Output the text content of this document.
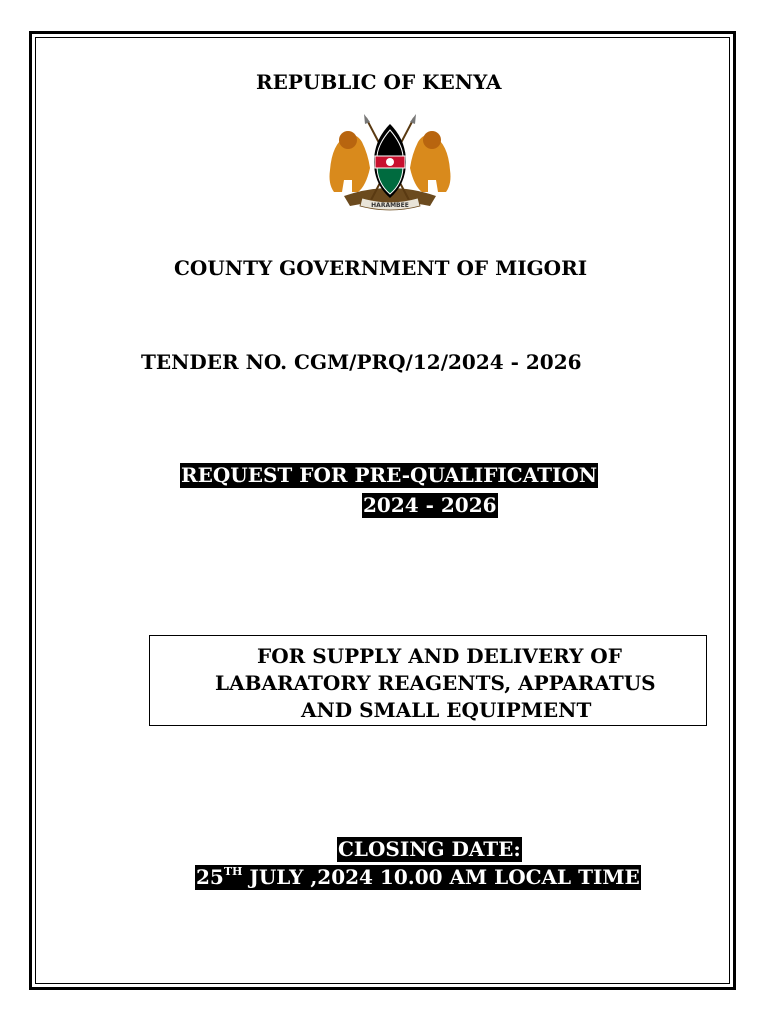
REPUBLIC OF KENYA
HARAMBEE
COUNTY GOVERNMENT OF MIGORI
TENDER NO. CGM/PRQ/12/2024 - 2026
REQUEST FOR PRE-QUALIFICATION
2024 - 2026
FOR SUPPLY AND DELIVERY OF
LABARATORY REAGENTS, APPARATUS
AND SMALL EQUIPMENT
CLOSING DATE:
25TH JULY ,2024 10.00 AM LOCAL TIME
